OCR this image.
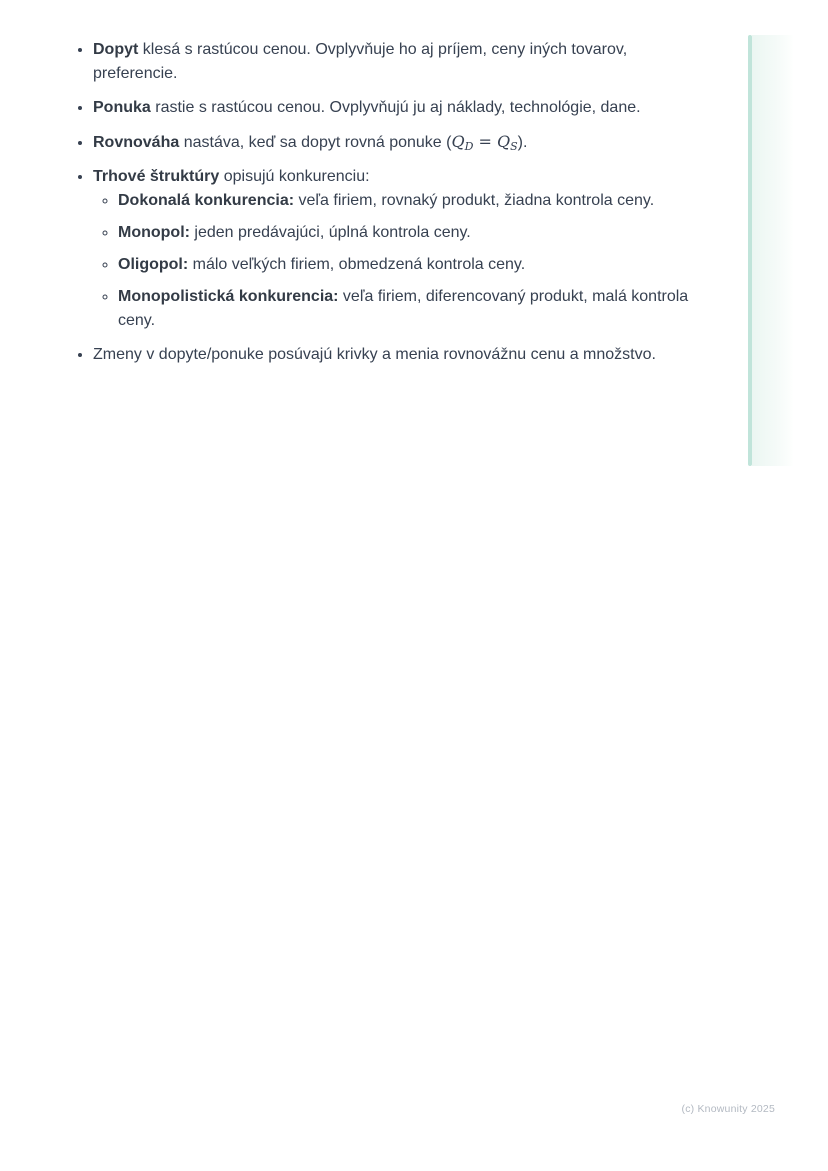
• Dopyt klesá s rastúcou cenou. Ovplyvňuje ho aj príjem, ceny iných tovarov, preferencie.
• Ponuka rastie s rastúcou cenou. Ovplyvňujú ju aj náklady, technológie, dane.
• Rovnováha nastáva, keď sa dopyt rovná ponuke $(Q_D = Q_S)$.
• Trhové štruktúry opisujú konkurenciu:
◦ Dokonalá konkurencia: veľa firiem, rovnaký produkt, žiadna kontrola ceny.
◦ Monopol: jeden predávajúci, úplná kontrola ceny.
◦ Oligopol: málo veľkých firiem, obmedzená kontrola ceny.
◦ Monopolistická konkurencia: veľa firiem, diferencovaný produkt, malá kontrola ceny.
• Zmeny v dopyte/ponuke posúvajú krivky a menia rovnovážnu cenu a množstvo.
(c) Knowunity 2025
